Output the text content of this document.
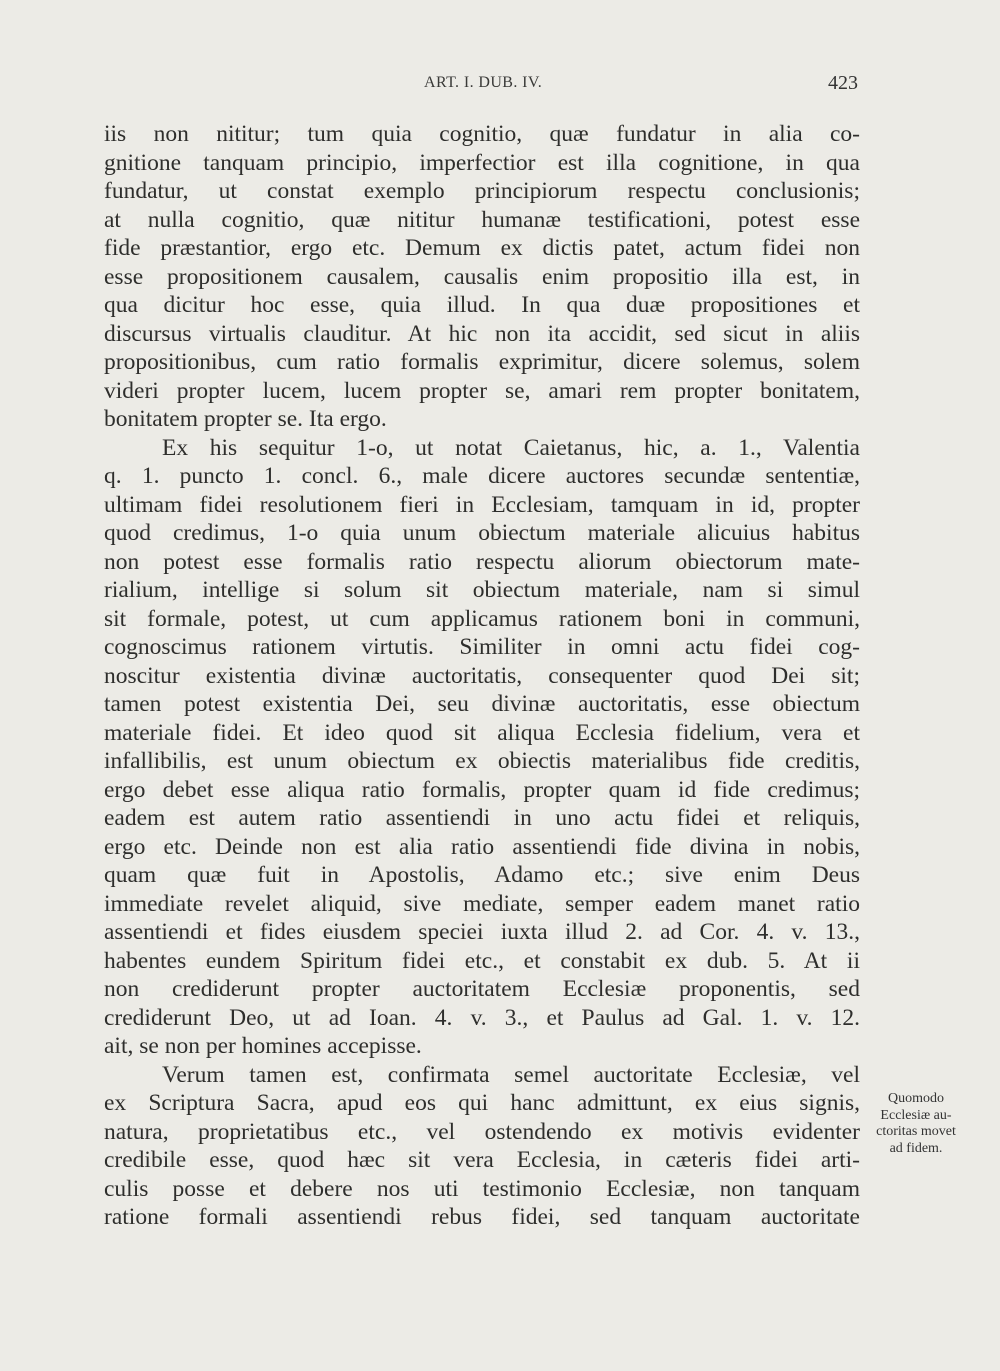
ART. I. DUB. IV.	423
iis non nititur; tum quia cognitio, quæ fundatur in alia co-
gnitione tanquam principio, imperfectior est illa cognitione, in qua
fundatur, ut constat exemplo principiorum respectu conclusionis;
at nulla cognitio, quæ nititur humanæ testificationi, potest esse
fide præstantior, ergo etc. Demum ex dictis patet, actum fidei non
esse propositionem causalem, causalis enim propositio illa est, in
qua dicitur hoc esse, quia illud. In qua duæ propositiones et
discursus virtualis clauditur. At hic non ita accidit, sed sicut in aliis
propositionibus, cum ratio formalis exprimitur, dicere solemus, solem
videri propter lucem, lucem propter se, amari rem propter bonitatem,
bonitatem propter se. Ita ergo.
Ex his sequitur 1-o, ut notat Caietanus, hic, a. 1., Valentia
q. 1. puncto 1. concl. 6., male dicere auctores secundæ sententiæ,
ultimam fidei resolutionem fieri in Ecclesiam, tamquam in id, propter
quod credimus, 1-o quia unum obiectum materiale alicuius habitus
non potest esse formalis ratio respectu aliorum obiectorum mate-
rialium, intellige si solum sit obiectum materiale, nam si simul
sit formale, potest, ut cum applicamus rationem boni in communi,
cognoscimus rationem virtutis. Similiter in omni actu fidei cog-
noscitur existentia divinæ auctoritatis, consequenter quod Dei sit;
tamen potest existentia Dei, seu divinæ auctoritatis, esse obiectum
materiale fidei. Et ideo quod sit aliqua Ecclesia fidelium, vera et
infallibilis, est unum obiectum ex obiectis materialibus fide creditis,
ergo debet esse aliqua ratio formalis, propter quam id fide credimus;
eadem est autem ratio assentiendi in uno actu fidei et reliquis,
ergo etc. Deinde non est alia ratio assentiendi fide divina in nobis,
quam quæ fuit in Apostolis, Adamo etc.; sive enim Deus
immediate revelet aliquid, sive mediate, semper eadem manet ratio
assentiendi et fides eiusdem speciei iuxta illud 2. ad Cor. 4. v. 13.,
habentes eundem Spiritum fidei etc., et constabit ex dub. 5. At ii
non crediderunt propter auctoritatem Ecclesiæ proponentis, sed
crediderunt Deo, ut ad Ioan. 4. v. 3., et Paulus ad Gal. 1. v. 12.
ait, se non per homines accepisse.
Verum tamen est, confirmata semel auctoritate Ecclesiæ, vel
ex Scriptura Sacra, apud eos qui hanc admittunt, ex eius signis,
natura, proprietatibus etc., vel ostendendo ex motivis evidenter
credibile esse, quod hæc sit vera Ecclesia, in cæteris fidei arti-
culis posse et debere nos uti testimonio Ecclesiæ, non tanquam
ratione formali assentiendi rebus fidei, sed tanquam auctoritate
Quomodo
Ecclesiæ au-
ctoritas movet
ad fidem.
